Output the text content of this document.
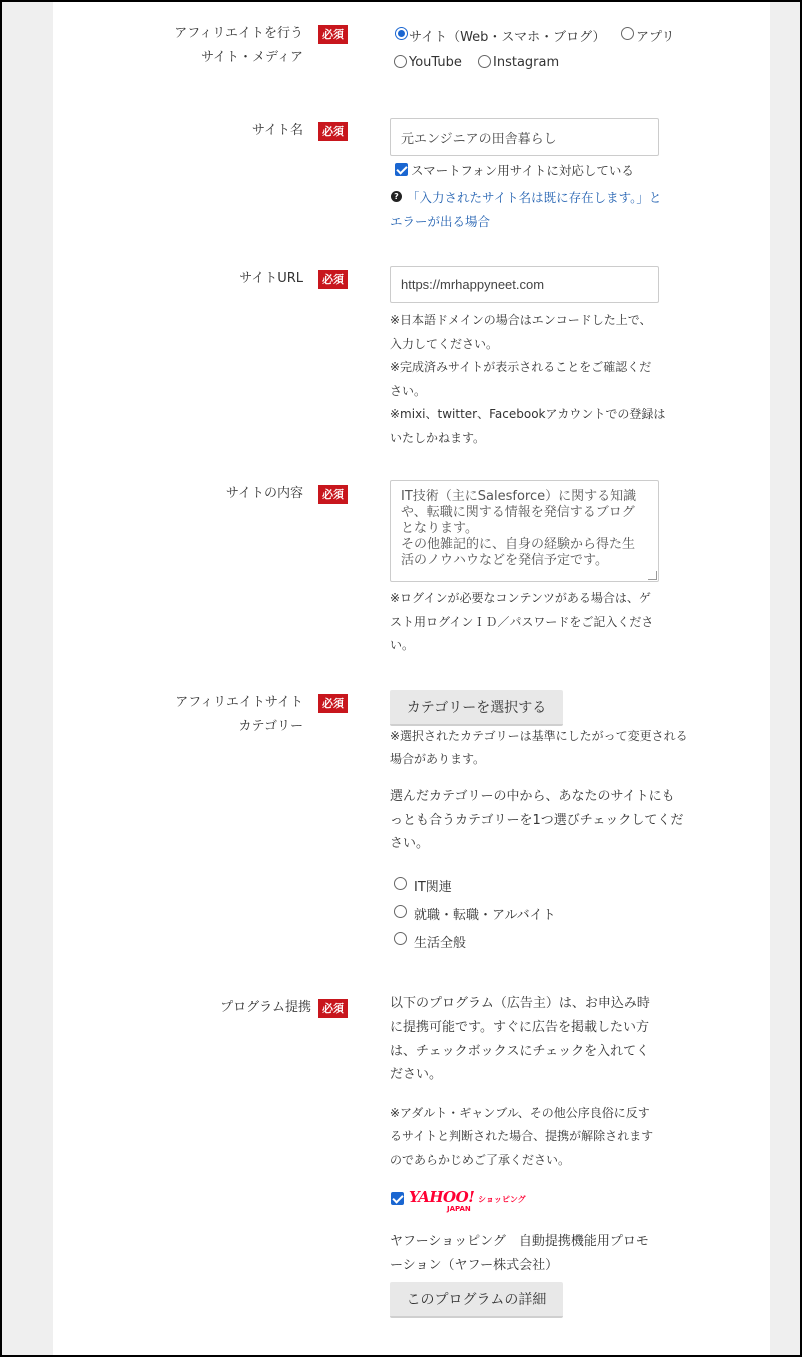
アフィリエイトを行う
サイト・メディア
必須	サイト（Web・スマホ・ブログ） アプリ
YouTube Instagram
サイト名	必須
元エンジニアの田舎暮らし
スマートフォン用サイトに対応している
? 「入力されたサイト名は既に存在します。」と
エラーが出る場合
サイトURL	必須
https://mrhappyneet.com
※日本語ドメインの場合はエンコードした上で、
入力してください。
※完成済みサイトが表示されることをご確認くだ
さい。
※mixi、twitter、Facebookアカウントでの登録は
いたしかねます。
サイトの内容	必須	IT技術（主にSalesforce）に関する知識
や、転職に関する情報を発信するブログ
となります。
その他雑記的に、自身の経験から得た生
活のノウハウなどを発信予定です。
※ログインが必要なコンテンツがある場合は、ゲ
スト用ログインＩＤ／パスワードをご記入くださ
い。
アフィリエイトサイト
カテゴリー
必須	カテゴリーを選択する
※選択されたカテゴリーは基準にしたがって変更される
場合があります。
選んだカテゴリーの中から、あなたのサイトにも
っとも合うカテゴリーを1つ選びチェックしてくだ
さい。
IT関連
就職・転職・アルバイト
生活全般
プログラム提携	必須	以下のプログラム（広告主）は、お申込み時
に提携可能です。すぐに広告を掲載したい方
は、チェックボックスにチェックを入れてく
ださい。
※アダルト・ギャンブル、その他公序良俗に反す
るサイトと判断された場合、提携が解除されます
のであらかじめご了承ください。
YAHOO!
JAPAN
ショッピング
ヤフーショッピング　自動提携機能用プロモ
ーション（ヤフー株式会社）
このプログラムの詳細
